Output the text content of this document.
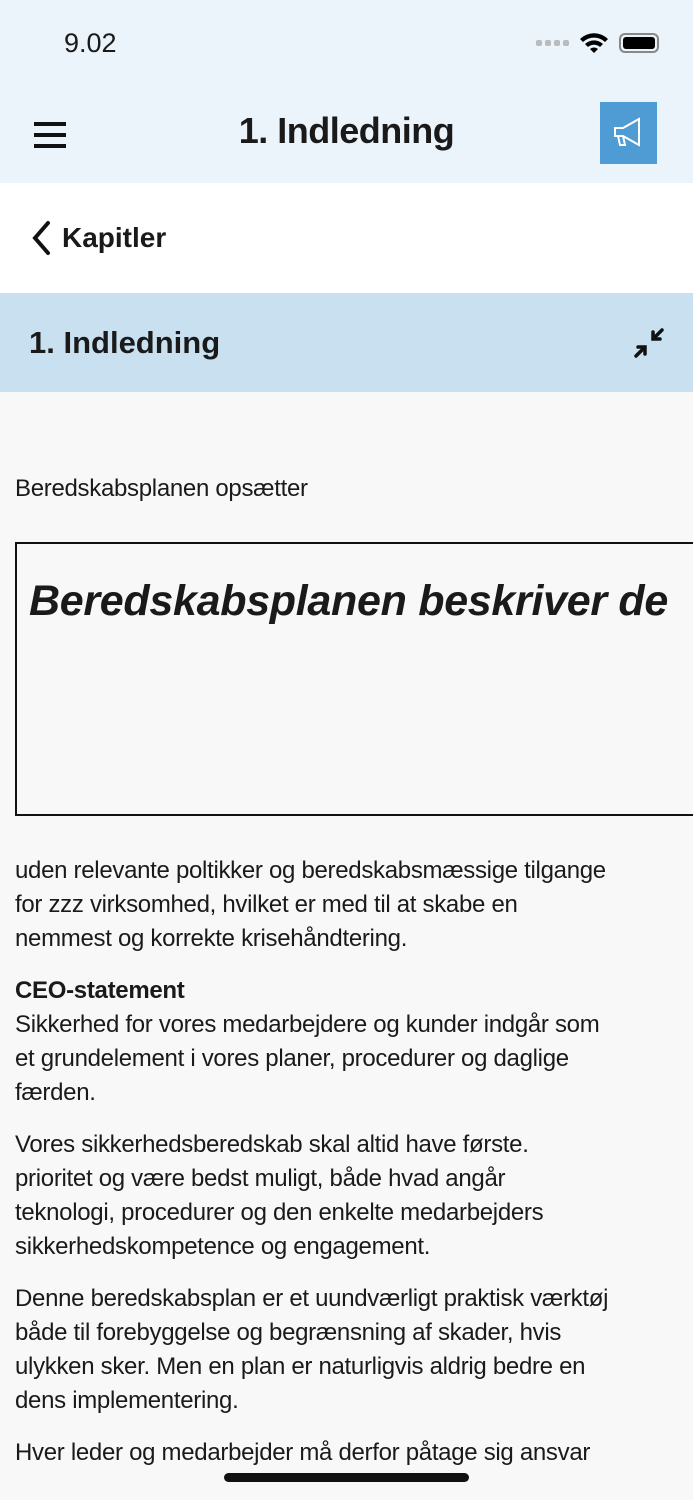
9.02
1. Indledning
Kapitler
1. Indledning
Beredskabsplanen opsætter
Beredskabsplanen beskriver de
uden relevante poltikker og beredskabsmæssige tilgange
for zzz virksomhed, hvilket er med til at skabe en
nemmest og korrekte krisehåndtering.
CEO-statement
Sikkerhed for vores medarbejdere og kunder indgår som
et grundelement i vores planer, procedurer og daglige
færden.
Vores sikkerhedsberedskab skal altid have første.
prioritet og være bedst muligt, både hvad angår
teknologi, procedurer og den enkelte medarbejders
sikkerhedskompetence og engagement.
Denne beredskabsplan er et uundværligt praktisk værktøj
både til forebyggelse og begrænsning af skader, hvis
ulykken sker. Men en plan er naturligvis aldrig bedre en
dens implementering.
Hver leder og medarbejder må derfor påtage sig ansvar
